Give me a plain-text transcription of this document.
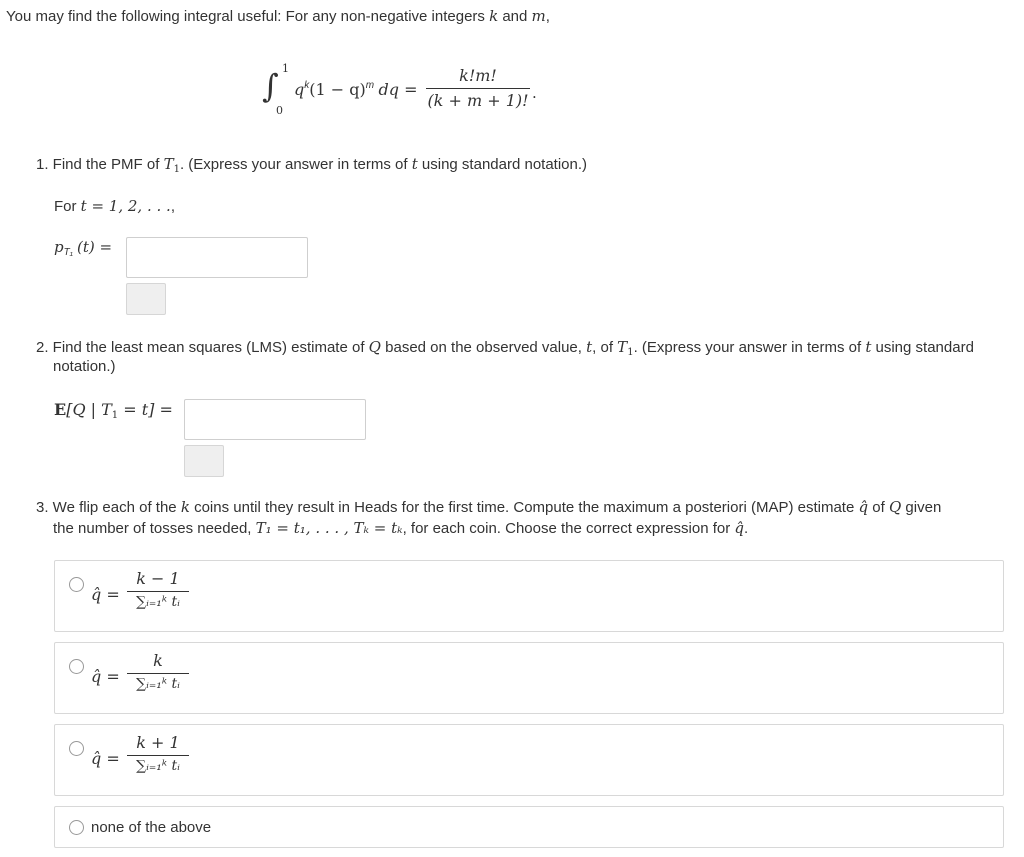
You may find the following integral useful: For any non-negative integers k and m,
∫ 1
0
$q^k(1 - q)^m$ dq =
k!m!
(k + m + 1)! .
1. Find the PMF of $T_1$. (Express your answer in terms of t using standard notation.)
For t = 1, 2, . . .,
$p_{T_1}$ (t) =
2. Find the least mean squares (LMS) estimate of Q based on the observed value, t, of $T_1$. (Express your answer in terms of t using standard
notation.)
E[Q | $T_1 = t$] =
3. We flip each of the k coins until they result in Heads for the first time. Compute the maximum a posteriori (MAP) estimate q̂ of Q given
the number of tosses needed, T₁ = t₁, . . . , Tₖ = tₖ, for each coin. Choose the correct expression for q̂.
q̂ =
k − 1
∑ᵢ₌₁ᵏ tᵢ
q̂ =
k
∑ᵢ₌₁ᵏ tᵢ
q̂ =
k + 1
∑ᵢ₌₁ᵏ tᵢ
none of the above
